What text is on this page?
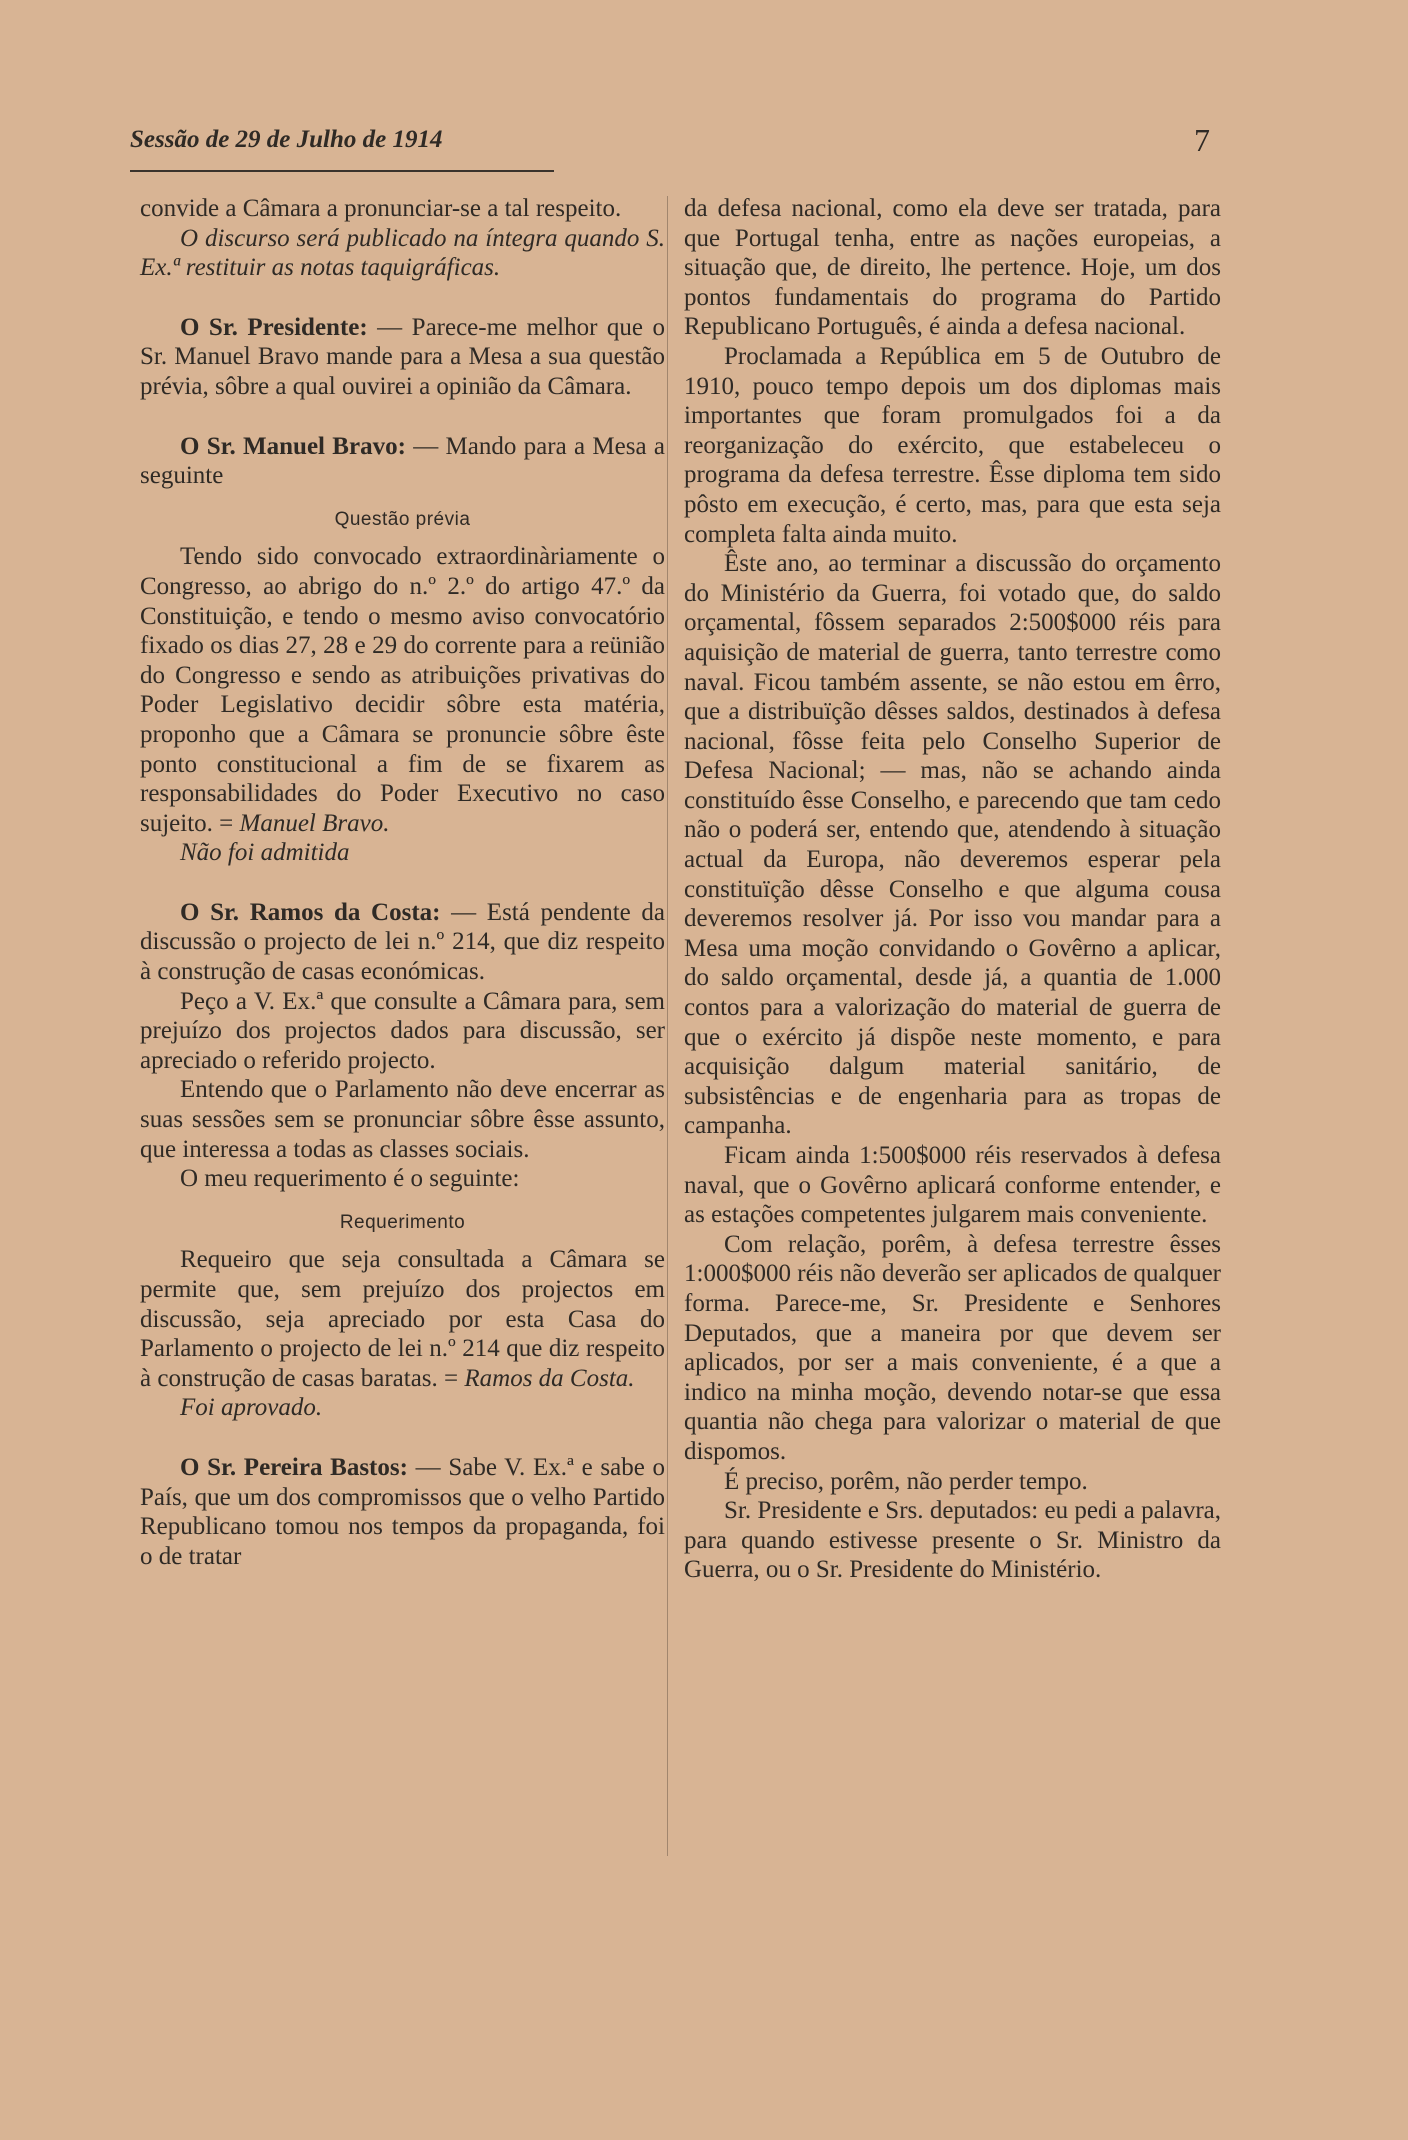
Sessão de 29 de Julho de 1914	7

convide a Câmara a pronunciar-se a tal respeito.

O discurso será publicado na íntegra quando S. Ex.ª restituir as notas taquigráficas.

O Sr. Presidente: — Parece-me melhor que o Sr. Manuel Bravo mande para a Mesa a sua questão prévia, sôbre a qual ouvirei a opinião da Câmara.

O Sr. Manuel Bravo: — Mando para a Mesa a seguinte

Questão prévia

Tendo sido convocado extraordinàriamente o Congresso, ao abrigo do n.º 2.º do artigo 47.º da Constituição, e tendo o mesmo aviso convocatório fixado os dias 27, 28 e 29 do corrente para a reünião do Congresso e sendo as atribuições privativas do Poder Legislativo decidir sôbre esta matéria, proponho que a Câmara se pronuncie sôbre êste ponto constitucional a fim de se fixarem as responsabilidades do Poder Executivo no caso sujeito. = Manuel Bravo.

Não foi admitida

O Sr. Ramos da Costa: — Está pendente da discussão o projecto de lei n.º 214, que diz respeito à construção de casas económicas.

Peço a V. Ex.ª que consulte a Câmara para, sem prejuízo dos projectos dados para discussão, ser apreciado o referido projecto.

Entendo que o Parlamento não deve encerrar as suas sessões sem se pronunciar sôbre êsse assunto, que interessa a todas as classes sociais.

O meu requerimento é o seguinte:

Requerimento

Requeiro que seja consultada a Câmara se permite que, sem prejuízo dos projectos em discussão, seja apreciado por esta Casa do Parlamento o projecto de lei n.º 214 que diz respeito à construção de casas baratas. = Ramos da Costa.

Foi aprovado.

O Sr. Pereira Bastos: — Sabe V. Ex.ª e sabe o País, que um dos compromissos que o velho Partido Republicano tomou nos tempos da propaganda, foi o de tratar

da defesa nacional, como ela deve ser tratada, para que Portugal tenha, entre as nações europeias, a situação que, de direito, lhe pertence. Hoje, um dos pontos fundamentais do programa do Partido Republicano Português, é ainda a defesa nacional.

Proclamada a República em 5 de Outubro de 1910, pouco tempo depois um dos diplomas mais importantes que foram promulgados foi a da reorganização do exército, que estabeleceu o programa da defesa terrestre. Êsse diploma tem sido pôsto em execução, é certo, mas, para que esta seja completa falta ainda muito.

Êste ano, ao terminar a discussão do orçamento do Ministério da Guerra, foi votado que, do saldo orçamental, fôssem separados 2:500$000 réis para aquisição de material de guerra, tanto terrestre como naval. Ficou também assente, se não estou em êrro, que a distribuïção dêsses saldos, destinados à defesa nacional, fôsse feita pelo Conselho Superior de Defesa Nacional; — mas, não se achando ainda constituído êsse Conselho, e parecendo que tam cedo não o poderá ser, entendo que, atendendo à situação actual da Europa, não deveremos esperar pela constituïção dêsse Conselho e que alguma cousa deveremos resolver já. Por isso vou mandar para a Mesa uma moção convidando o Govêrno a aplicar, do saldo orçamental, desde já, a quantia de 1.000 contos para a valorização do material de guerra de que o exército já dispõe neste momento, e para acquisição dalgum material sanitário, de subsistências e de engenharia para as tropas de campanha.

Ficam ainda 1:500$000 réis reservados à defesa naval, que o Govêrno aplicará conforme entender, e as estações competentes julgarem mais conveniente.

Com relação, porêm, à defesa terrestre êsses 1:000$000 réis não deverão ser aplicados de qualquer forma. Parece-me, Sr. Presidente e Senhores Deputados, que a maneira por que devem ser aplicados, por ser a mais conveniente, é a que a indico na minha moção, devendo notar-se que essa quantia não chega para valorizar o material de que dispomos.

É preciso, porêm, não perder tempo.

Sr. Presidente e Srs. deputados: eu pedi a palavra, para quando estivesse presente o Sr. Ministro da Guerra, ou o Sr. Presidente do Ministério.
